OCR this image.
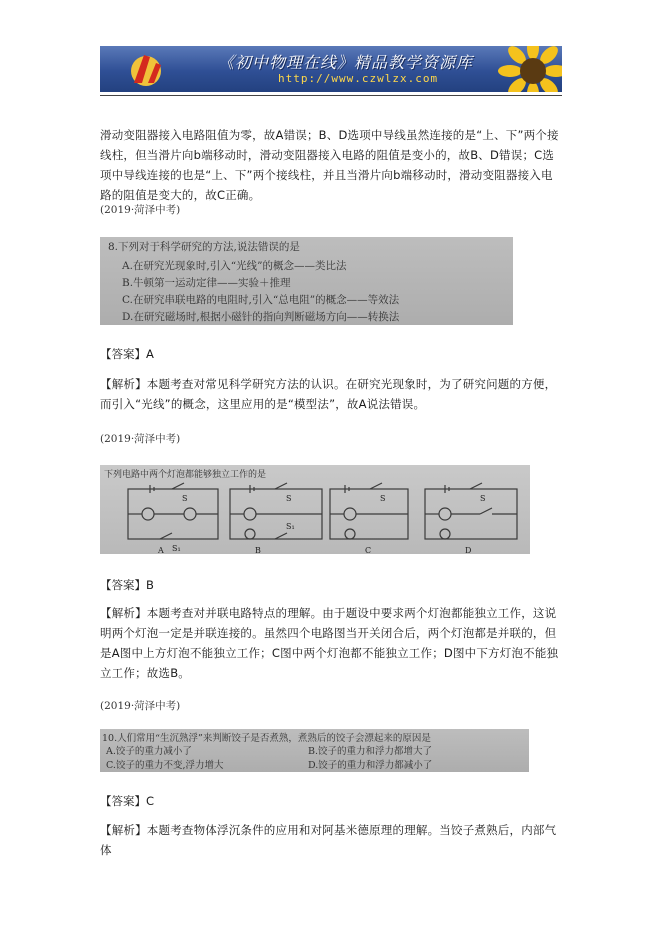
《初中物理在线》精品教学资源库
http://www.czwlzx.com

滑动变阻器接入电路阻值为零，故A错误；B、D选项中导线虽然连接的是“上、下”两个接线柱，但当滑片向b端移动时，滑动变阻器接入电路的阻值是变小的，故B、D错误；C选项中导线连接的也是“上、下”两个接线柱，并且当滑片向b端移动时，滑动变阻器接入电路的阻值是变大的，故C正确。

(2019·菏泽中考)
8.下列对于科学研究的方法,说法错误的是
A.在研究光现象时,引入“光线”的概念——类比法
B.牛顿第一运动定律——实验＋推理
C.在研究串联电路的电阻时,引入“总电阻”的概念——等效法
D.在研究磁场时,根据小磁针的指向判断磁场方向——转换法
【答案】A

【解析】本题考查对常见科学研究方法的认识。在研究光现象时，为了研究问题的方便，而引入“光线”的概念，这里应用的是“模型法”，故A说法错误。

(2019·菏泽中考)
下列电路中两个灯泡都能够独立工作的是
S
S₁
S
S₁
S	S
A	B	C	D
【答案】B

【解析】本题考查对并联电路特点的理解。由于题设中要求两个灯泡都能独立工作，这说明两个灯泡一定是并联连接的。虽然四个电路图当开关闭合后，两个灯泡都是并联的，但是A图中上方灯泡不能独立工作；C图中两个灯泡都不能独立工作；D图中下方灯泡不能独立工作；故选B。

(2019·菏泽中考)
10.人们常用“生沉熟浮”来判断饺子是否煮熟，煮熟后的饺子会漂起来的原因是
A.饺子的重力减小了	B.饺子的重力和浮力都增大了
C.饺子的重力不变,浮力增大	D.饺子的重力和浮力都减小了
【答案】C

【解析】本题考查物体浮沉条件的应用和对阿基米德原理的理解。当饺子煮熟后，内部气体
